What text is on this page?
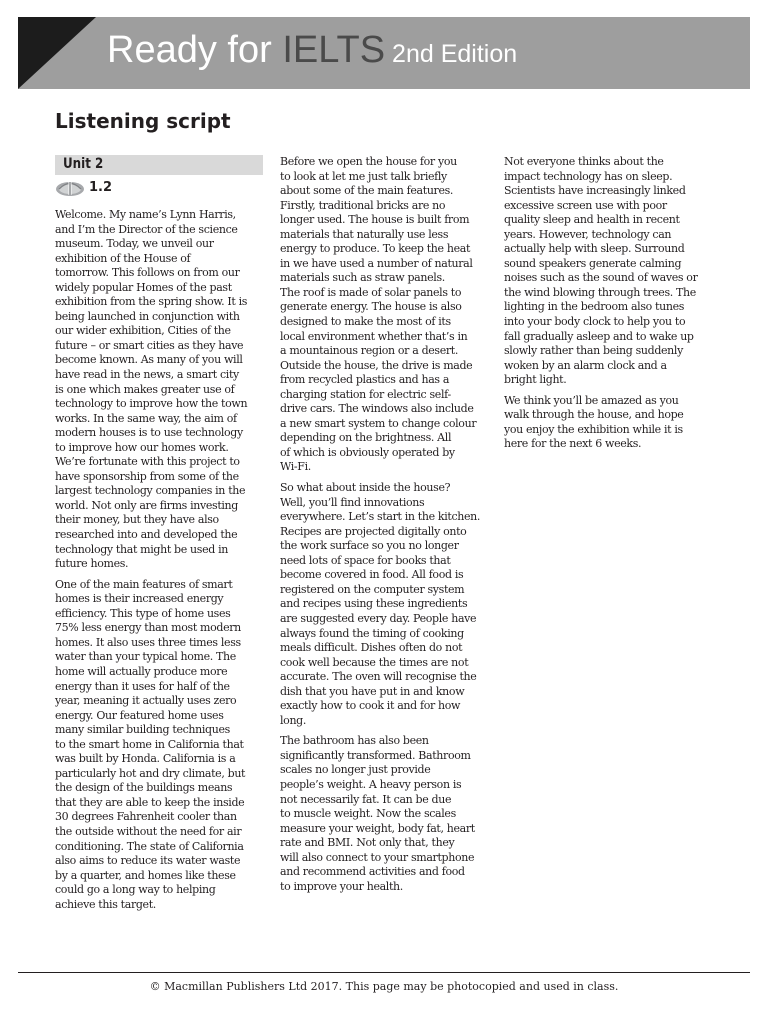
Ready for IELTS 2nd Edition
Listening script
Unit 2
1.2

Welcome. My name’s Lynn Harris,
and I’m the Director of the science
museum. Today, we unveil our
exhibition of the House of
tomorrow. This follows on from our
widely popular Homes of the past
exhibition from the spring show. It is
being launched in conjunction with
our wider exhibition, Cities of the
future – or smart cities as they have
become known. As many of you will
have read in the news, a smart city
is one which makes greater use of
technology to improve how the town
works. In the same way, the aim of
modern houses is to use technology
to improve how our homes work.
We’re fortunate with this project to
have sponsorship from some of the
largest technology companies in the
world. Not only are firms investing
their money, but they have also
researched into and developed the
technology that might be used in
future homes.

One of the main features of smart
homes is their increased energy
efficiency. This type of home uses
75% less energy than most modern
homes. It also uses three times less
water than your typical home. The
home will actually produce more
energy than it uses for half of the
year, meaning it actually uses zero
energy. Our featured home uses
many similar building techniques
to the smart home in California that
was built by Honda. California is a
particularly hot and dry climate, but
the design of the buildings means
that they are able to keep the inside
30 degrees Fahrenheit cooler than
the outside without the need for air
conditioning. The state of California
also aims to reduce its water waste
by a quarter, and homes like these
could go a long way to helping
achieve this target.

Before we open the house for you
to look at let me just talk briefly
about some of the main features.
Firstly, traditional bricks are no
longer used. The house is built from
materials that naturally use less
energy to produce. To keep the heat
in we have used a number of natural
materials such as straw panels.
The roof is made of solar panels to
generate energy. The house is also
designed to make the most of its
local environment whether that’s in
a mountainous region or a desert.
Outside the house, the drive is made
from recycled plastics and has a
charging station for electric self-
drive cars. The windows also include
a new smart system to change colour
depending on the brightness. All
of which is obviously operated by
Wi-Fi.

So what about inside the house?
Well, you’ll find innovations
everywhere. Let’s start in the kitchen.
Recipes are projected digitally onto
the work surface so you no longer
need lots of space for books that
become covered in food. All food is
registered on the computer system
and recipes using these ingredients
are suggested every day. People have
always found the timing of cooking
meals difficult. Dishes often do not
cook well because the times are not
accurate. The oven will recognise the
dish that you have put in and know
exactly how to cook it and for how
long.

The bathroom has also been
significantly transformed. Bathroom
scales no longer just provide
people’s weight. A heavy person is
not necessarily fat. It can be due
to muscle weight. Now the scales
measure your weight, body fat, heart
rate and BMI. Not only that, they
will also connect to your smartphone
and recommend activities and food
to improve your health.

Not everyone thinks about the
impact technology has on sleep.
Scientists have increasingly linked
excessive screen use with poor
quality sleep and health in recent
years. However, technology can
actually help with sleep. Surround
sound speakers generate calming
noises such as the sound of waves or
the wind blowing through trees. The
lighting in the bedroom also tunes
into your body clock to help you to
fall gradually asleep and to wake up
slowly rather than being suddenly
woken by an alarm clock and a
bright light.

We think you’ll be amazed as you
walk through the house, and hope
you enjoy the exhibition while it is
here for the next 6 weeks.

© Macmillan Publishers Ltd 2017. This page may be photocopied and used in class.
